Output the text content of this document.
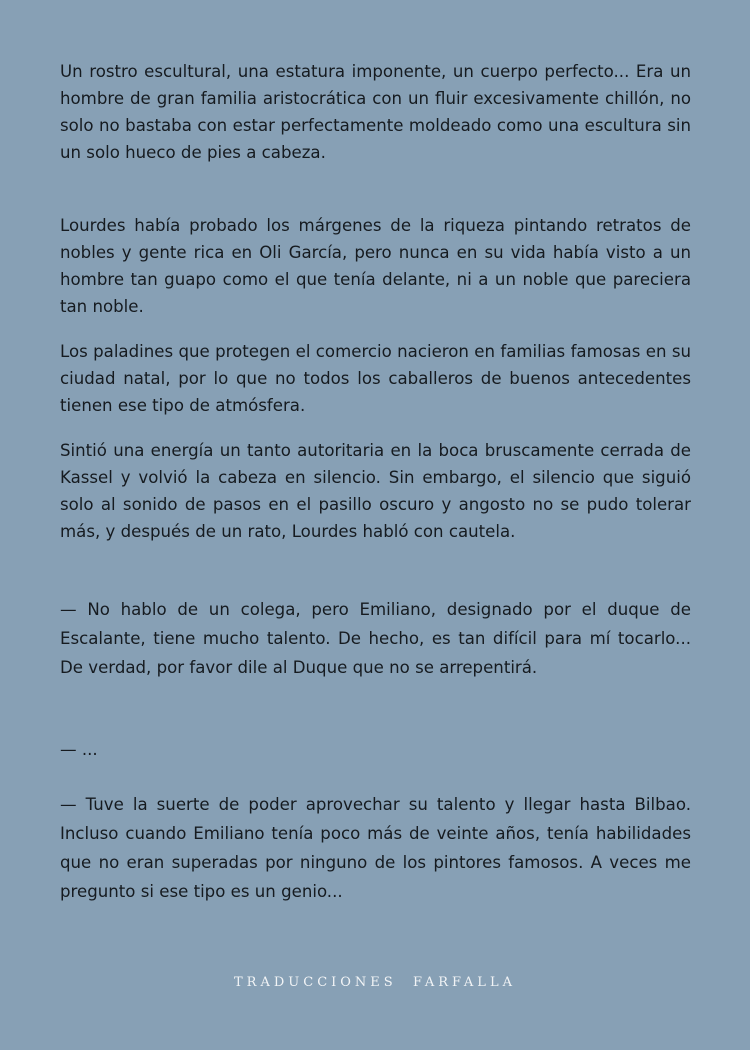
Un rostro escultural, una estatura imponente, un cuerpo perfecto... Era un hombre de gran familia aristocrática con un fluir excesivamente chillón, no solo no bastaba con estar perfectamente moldeado como una escultura sin un solo hueco de pies a cabeza.

Lourdes había probado los márgenes de la riqueza pintando retratos de nobles y gente rica en Oli García, pero nunca en su vida había visto a un hombre tan guapo como el que tenía delante, ni a un noble que pareciera tan noble.

Los paladines que protegen el comercio nacieron en familias famosas en su ciudad natal, por lo que no todos los caballeros de buenos antecedentes tienen ese tipo de atmósfera.

Sintió una energía un tanto autoritaria en la boca bruscamente cerrada de Kassel y volvió la cabeza en silencio. Sin embargo, el silencio que siguió solo al sonido de pasos en el pasillo oscuro y angosto no se pudo tolerar más, y después de un rato, Lourdes habló con cautela.

— No hablo de un colega, pero Emiliano, designado por el duque de Escalante, tiene mucho talento. De hecho, es tan difícil para mí tocarlo... De verdad, por favor dile al Duque que no se arrepentirá.

— ...

— Tuve la suerte de poder aprovechar su talento y llegar hasta Bilbao. Incluso cuando Emiliano tenía poco más de veinte años, tenía habilidades que no eran superadas por ninguno de los pintores famosos. A veces me pregunto si ese tipo es un genio...

TRADUCCIONES  FARFALLA
